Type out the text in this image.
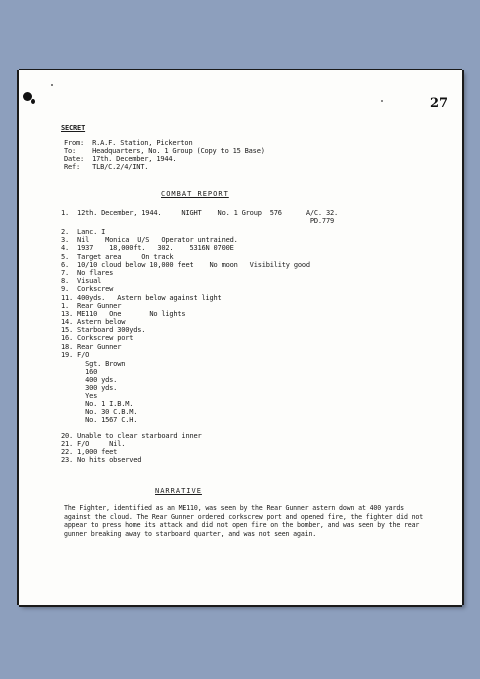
27
SECRET
From:  R.A.F. Station, Pickerton
To:    Headquarters, No. 1 Group (Copy to 15 Base)
Date:  17th. December, 1944.
Ref:   TLB/C.2/4/INT.
COMBAT REPORT
1.  12th. December, 1944.     NIGHT    No. 1 Group  576      A/C. 32.
PD.779
2.  Lanc. I
3.  Nil    Monica  U/S   Operator untrained.
4.  1937    18,000ft.   302.    5316N 0700E
5.  Target area     On track
6.  10/10 cloud below 10,000 feet    No moon   Visibility good
7.  No flares
8.  Visual
9.  Corkscrew
11. 400yds.   Astern below against light
1.  Rear Gunner
13. ME110   One       No lights
14. Astern below
15. Starboard 300yds.
16. Corkscrew port
18. Rear Gunner
19. F/O
Sgt. Brown
160
400 yds.
300 yds.
Yes
No. 1 I.B.M.
No. 30 C.B.M.
No. 1567 C.H.
20. Unable to clear starboard inner
21. F/O     Nil.
22. 1,000 feet
23. No hits observed
NARRATIVE
The Fighter, identified as an ME110, was seen by the Rear Gunner astern down at 400 yards against the cloud. The Rear Gunner ordered corkscrew port and opened fire, the fighter did not appear to press home its attack and did not open fire on the bomber, and was seen by the rear gunner breaking away to starboard quarter, and was not seen again.
